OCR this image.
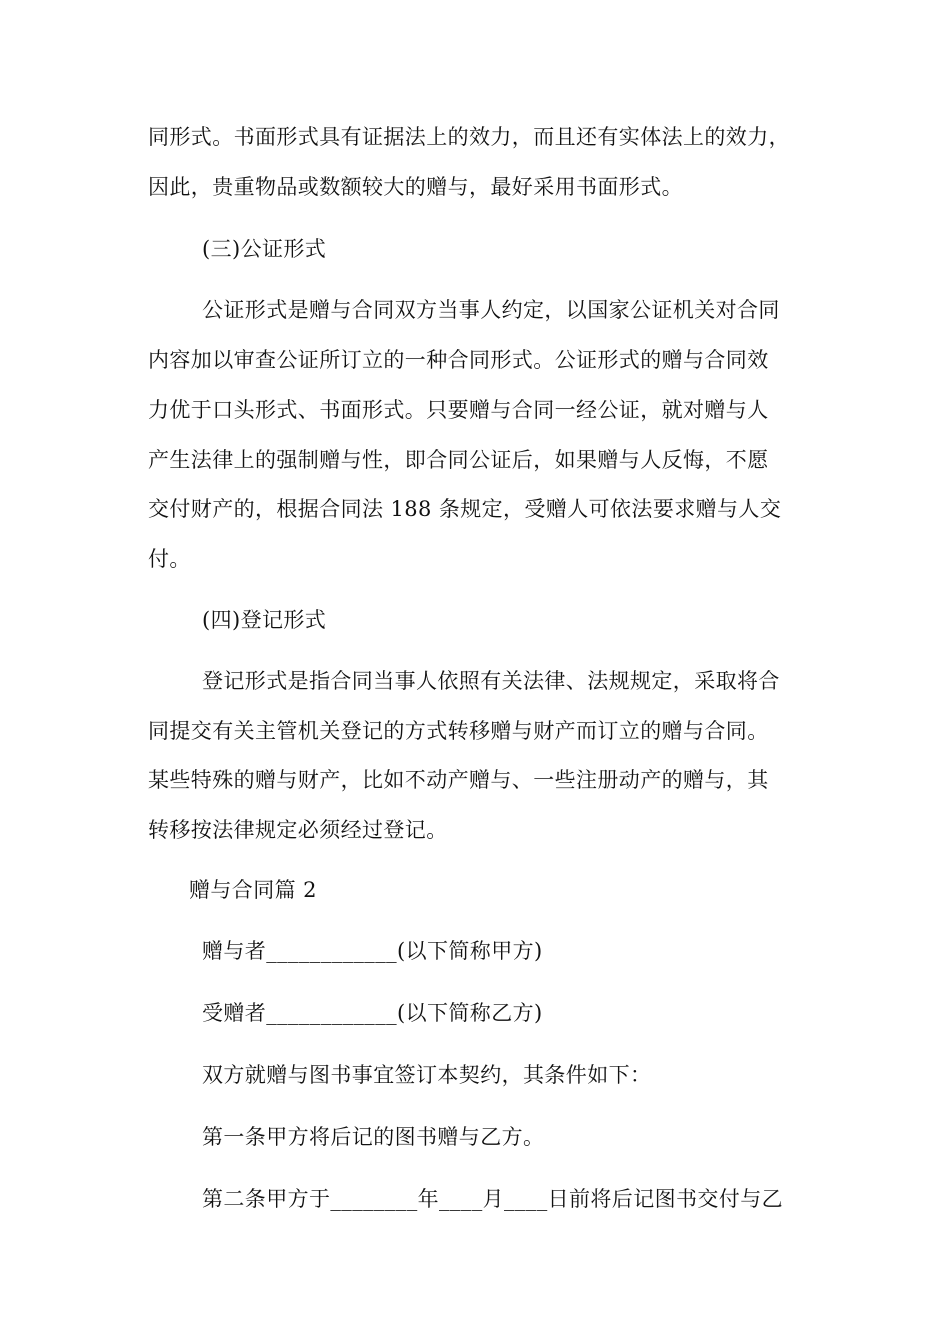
同形式。书面形式具有证据法上的效力，而且还有实体法上的效力，
因此，贵重物品或数额较大的赠与，最好采用书面形式。
(三)公证形式
公证形式是赠与合同双方当事人约定，以国家公证机关对合同
内容加以审查公证所订立的一种合同形式。公证形式的赠与合同效
力优于口头形式、书面形式。只要赠与合同一经公证，就对赠与人
产生法律上的强制赠与性，即合同公证后，如果赠与人反悔，不愿
交付财产的，根据合同法 188 条规定，受赠人可依法要求赠与人交
付。
(四)登记形式
登记形式是指合同当事人依照有关法律、法规规定，采取将合
同提交有关主管机关登记的方式转移赠与财产而订立的赠与合同。
某些特殊的赠与财产，比如不动产赠与、一些注册动产的赠与，其
转移按法律规定必须经过登记。
赠与合同篇 2
赠与者____________(以下简称甲方)
受赠者____________(以下简称乙方)
双方就赠与图书事宜签订本契约，其条件如下：
第一条甲方将后记的图书赠与乙方。
第二条甲方于________年____月____日前将后记图书交付与乙
